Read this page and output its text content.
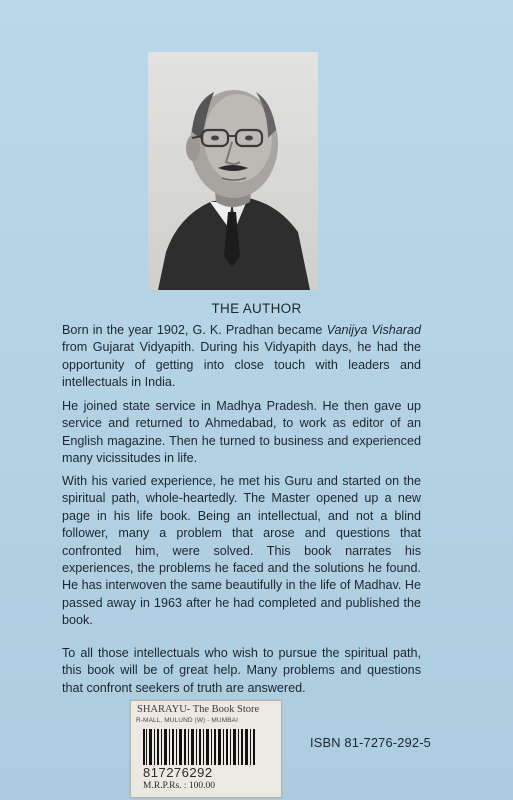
THE AUTHOR
Born in the year 1902, G. K. Pradhan became Vanijya Visharad from Gujarat Vidyapith. During his Vidyapith days, he had the opportunity of getting into close touch with leaders and intellectuals in India.
He joined state service in Madhya Pradesh. He then gave up service and returned to Ahmedabad, to work as editor of an English magazine. Then he turned to business and experienced many vicissitudes in life.
With his varied experience, he met his Guru and started on the spiritual path, whole-heartedly. The Master opened up a new page in his life book. Being an intellectual, and not a blind follower, many a problem that arose and questions that confronted him, were solved. This book narrates his experiences, the problems he faced and the solutions he found. He has interwoven the same beautifully in the life of Madhav. He passed away in 1963 after he had completed and published the book.
To all those intellectuals who wish to pursue the spiritual path, this book will be of great help. Many problems and questions that confront seekers of truth are answered.
ISBN 81-7276-292-5
SHARAYU- The Book Store
R-MALL, MULUND (W) - MUMBAI
817276292
M.R.P.Rs. : 100.00
